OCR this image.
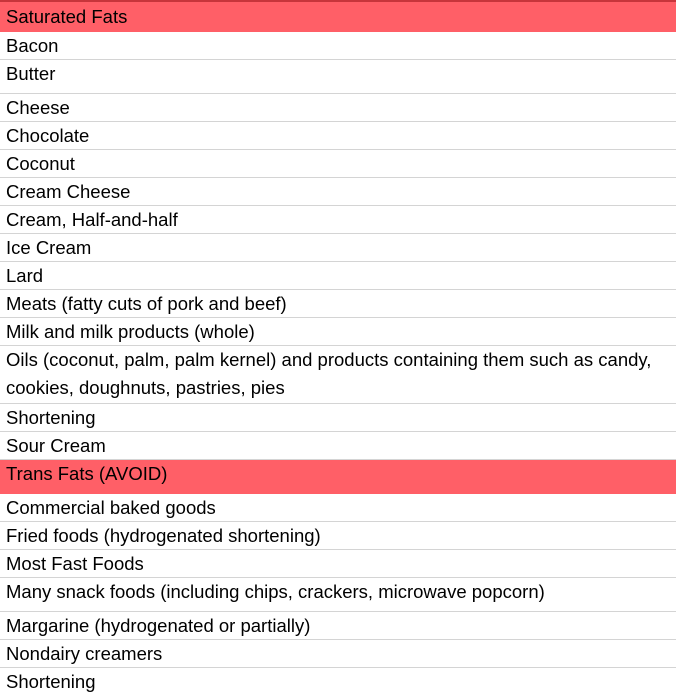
Saturated Fats
Bacon
Butter
Cheese
Chocolate
Coconut
Cream Cheese
Cream, Half-and-half
Ice Cream
Lard
Meats (fatty cuts of pork and beef)
Milk and milk products (whole)
Oils (coconut, palm, palm kernel) and products containing them such as candy, cookies, doughnuts, pastries, pies
Shortening
Sour Cream
Trans Fats (AVOID)
Commercial baked goods
Fried foods (hydrogenated shortening)
Most Fast Foods
Many snack foods (including chips, crackers, microwave popcorn)
Margarine (hydrogenated or partially)
Nondairy creamers
Shortening
